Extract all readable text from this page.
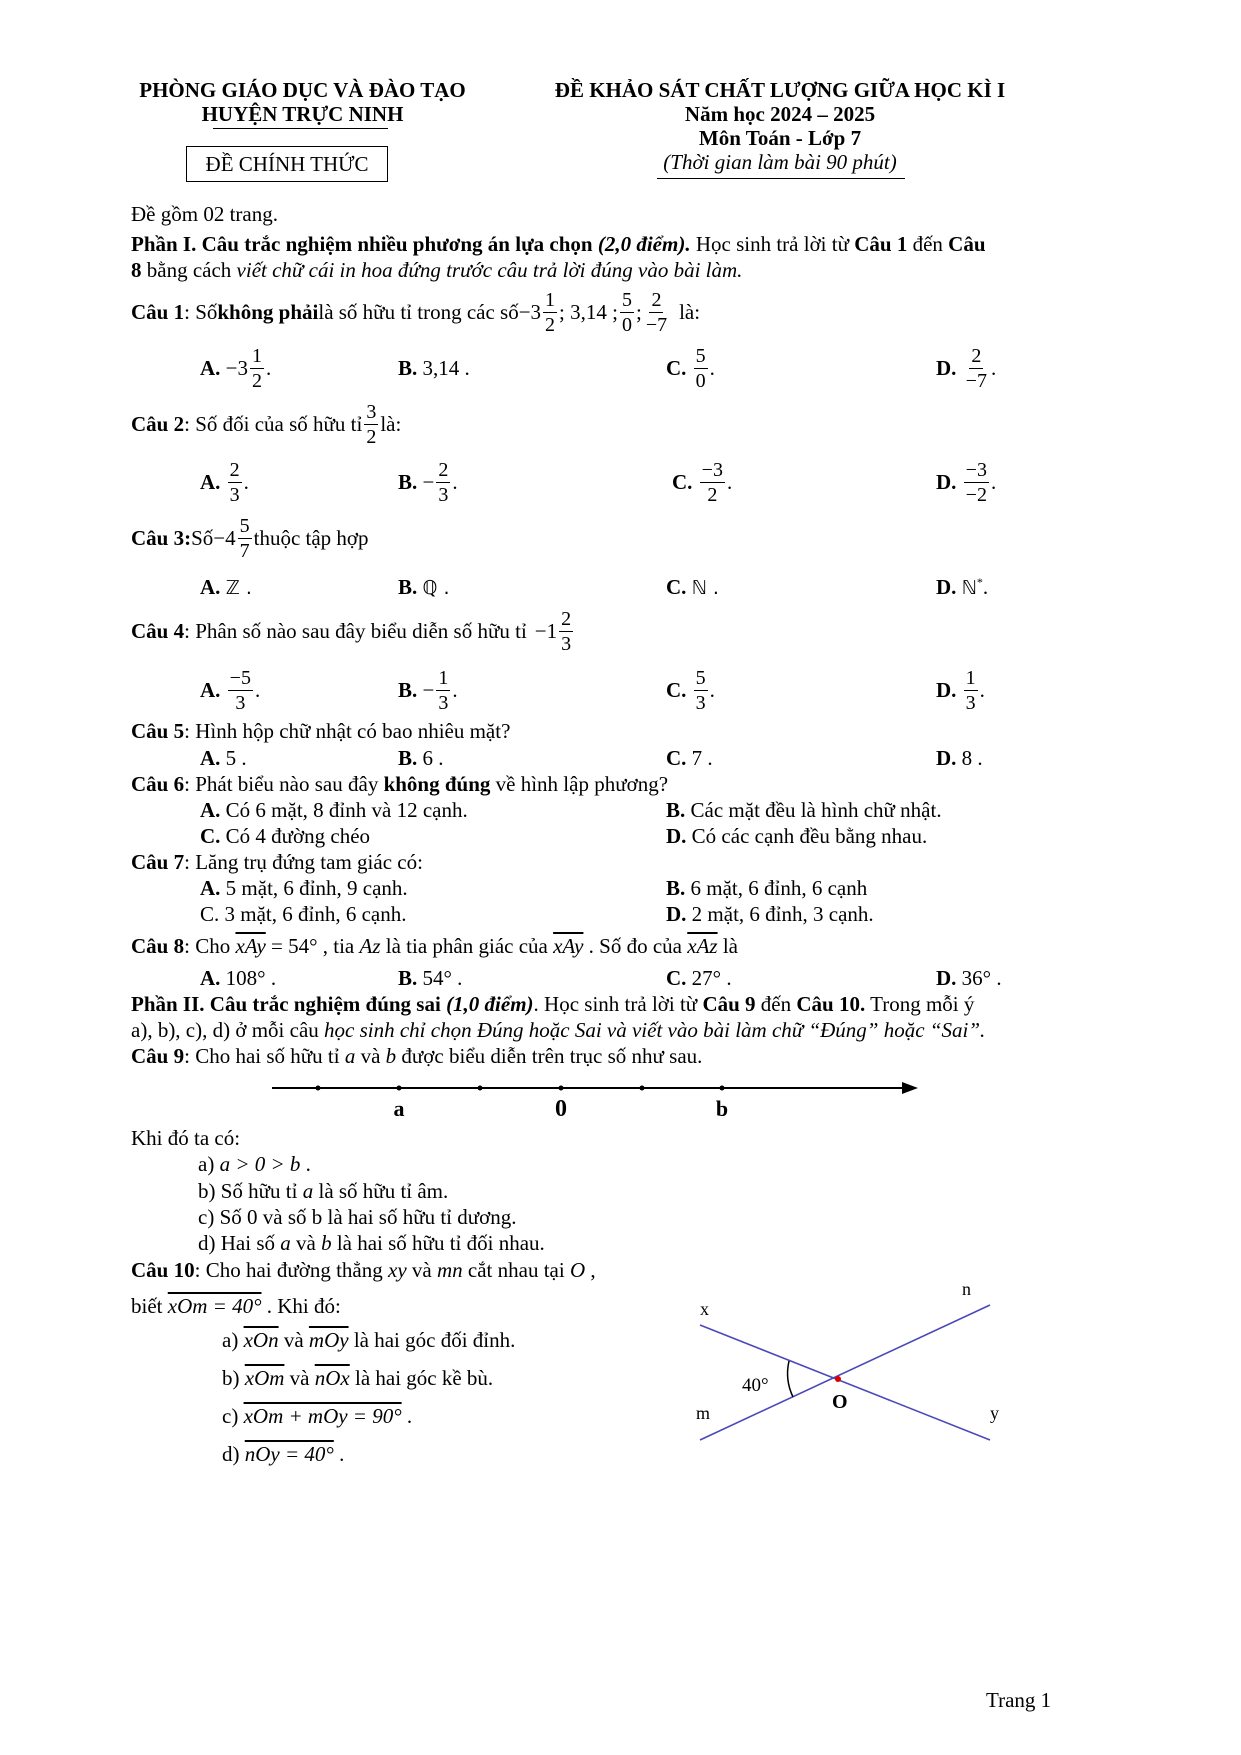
PHÒNG GIÁO DỤC VÀ ĐÀO TẠO
HUYỆN TRỰC NINH
ĐỀ CHÍNH THỨC
ĐỀ KHẢO SÁT CHẤT LƯỢNG GIỮA HỌC KÌ I
Năm học 2024 – 2025
Môn Toán - Lớp 7
(Thời gian làm bài 90 phút)
Đề gồm 02 trang.
Phần I. Câu trắc nghiệm nhiều phương án lựa chọn (2,0 điểm). Học sinh trả lời từ Câu 1 đến Câu
8 bằng cách viết chữ cái in hoa đứng trước câu trả lời đúng vào bài làm.
Câu 1 : Số không phải là số hữu tỉ trong các số $-3 \frac{1}{2}$ ; 3,14 ; $\frac{5}{0}$ ; $\frac{2}{-7}$ là:
A.
$-3 \frac{1}{2}$ .	B.
3,14 .	C.
$\frac{5}{0}$ .	D.
$\frac{2}{-7}$ .
Câu 2 : Số đối của số hữu tỉ $\frac{3}{2}$ là:
A.
$\frac{2}{3}$ .	B.
− $\frac{2}{3}$ .	C.
$\frac{-3}{2}$ .	D.
$\frac{-3}{-2}$ .
Câu 3: Số $-4 \frac{5}{7}$ thuộc tập hợp
A. ℤ .	B. ℚ .	C. ℕ .	D. ℕ*.
Câu 4 : Phân số nào sau đây biểu diễn số hữu tỉ $-1 \frac{2}{3}$
A.
$\frac{-5}{3}$ .	B.
− $\frac{1}{3}$ .	C.
$\frac{5}{3}$ .	D.
$\frac{1}{3}$ .
Câu 5: Hình hộp chữ nhật có bao nhiêu mặt?
A. 5 .	B. 6 .	C. 7 .	D. 8 .
Câu 6: Phát biểu nào sau đây không đúng về hình lập phương?
A. Có 6 mặt, 8 đỉnh và 12 cạnh.	B. Các mặt đều là hình chữ nhật.
C. Có 4 đường chéo	D. Có các cạnh đều bằng nhau.
Câu 7: Lăng trụ đứng tam giác có:
A. 5 mặt, 6 đỉnh, 9 cạnh.	B. 6 mặt, 6 đỉnh, 6 cạnh
C. 3 mặt, 6 đỉnh, 6 cạnh.	D. 2 mặt, 6 đỉnh, 3 cạnh.
Câu 8: Cho $\overline{xAy} = 54^\circ$ , tia Az là tia phân giác của $\overline{xAy}$ . Số đo của $\overline{xAz}$ là
A. 108° .	B. 54° .	C. 27° .	D. 36° .
Phần II. Câu trắc nghiệm đúng sai (1,0 điểm). Học sinh trả lời từ Câu 9 đến Câu 10. Trong mỗi ý
a), b), c), d) ở mỗi câu học sinh chỉ chọn Đúng hoặc Sai và viết vào bài làm chữ “Đúng” hoặc “Sai”.
Câu 9: Cho hai số hữu tỉ a và b được biểu diễn trên trục số như sau.
a	0	b
Khi đó ta có:
a) a > 0 > b .
b) Số hữu tỉ a là số hữu tỉ âm.
c) Số 0 và số b là hai số hữu tỉ dương.
d) Hai số a và b là hai số hữu tỉ đối nhau.
Câu 10: Cho hai đường thẳng xy và mn cắt nhau tại O ,
biết xOm = 40° . Khi đó:
a) $\overline{xOn}$ và $\overline{mOy}$ là hai góc đối đỉnh.
b) $\overline{xOm}$ và $\overline{nOx}$ là hai góc kề bù.
c) xOm + mOy = 90° .
d) nOy = 40° .
x
n
m	y
O
40°
Trang 1
